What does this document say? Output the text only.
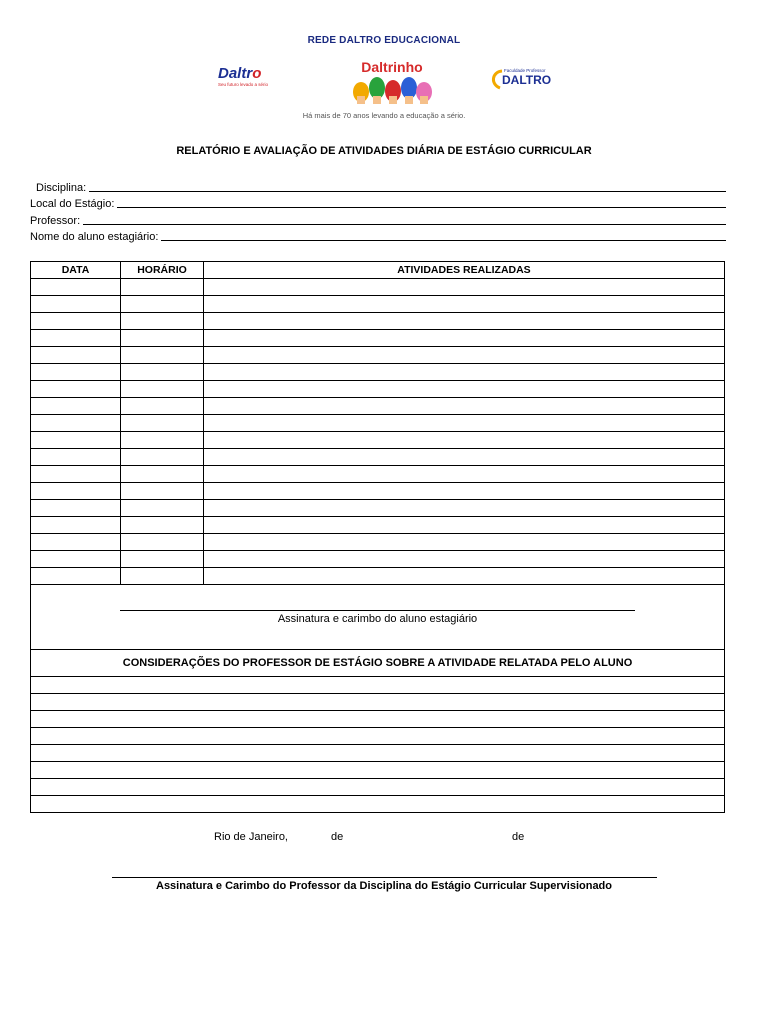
REDE DALTRO EDUCACIONAL
Daltro
Seu futuro levado a sério
Daltrinho	Faculdade Professor
DALTRO
Há mais de 70 anos levando a educação a sério.
RELATÓRIO E AVALIAÇÃO DE ATIVIDADES DIÁRIA DE ESTÁGIO CURRICULAR
Disciplina:
Local do Estágio:
Professor:
Nome do aluno estagiário:
DATA	HORÁRIO	ATIVIDADES REALIZADAS

Assinatura e carimbo do aluno estagiário		

CONSIDERAÇÕES DO PROFESSOR DE ESTÁGIO SOBRE A ATIVIDADE RELATADA PELO ALUNO		

Rio de Janeiro,	de	de
Assinatura e Carimbo do Professor da Disciplina do Estágio Curricular Supervisionado
